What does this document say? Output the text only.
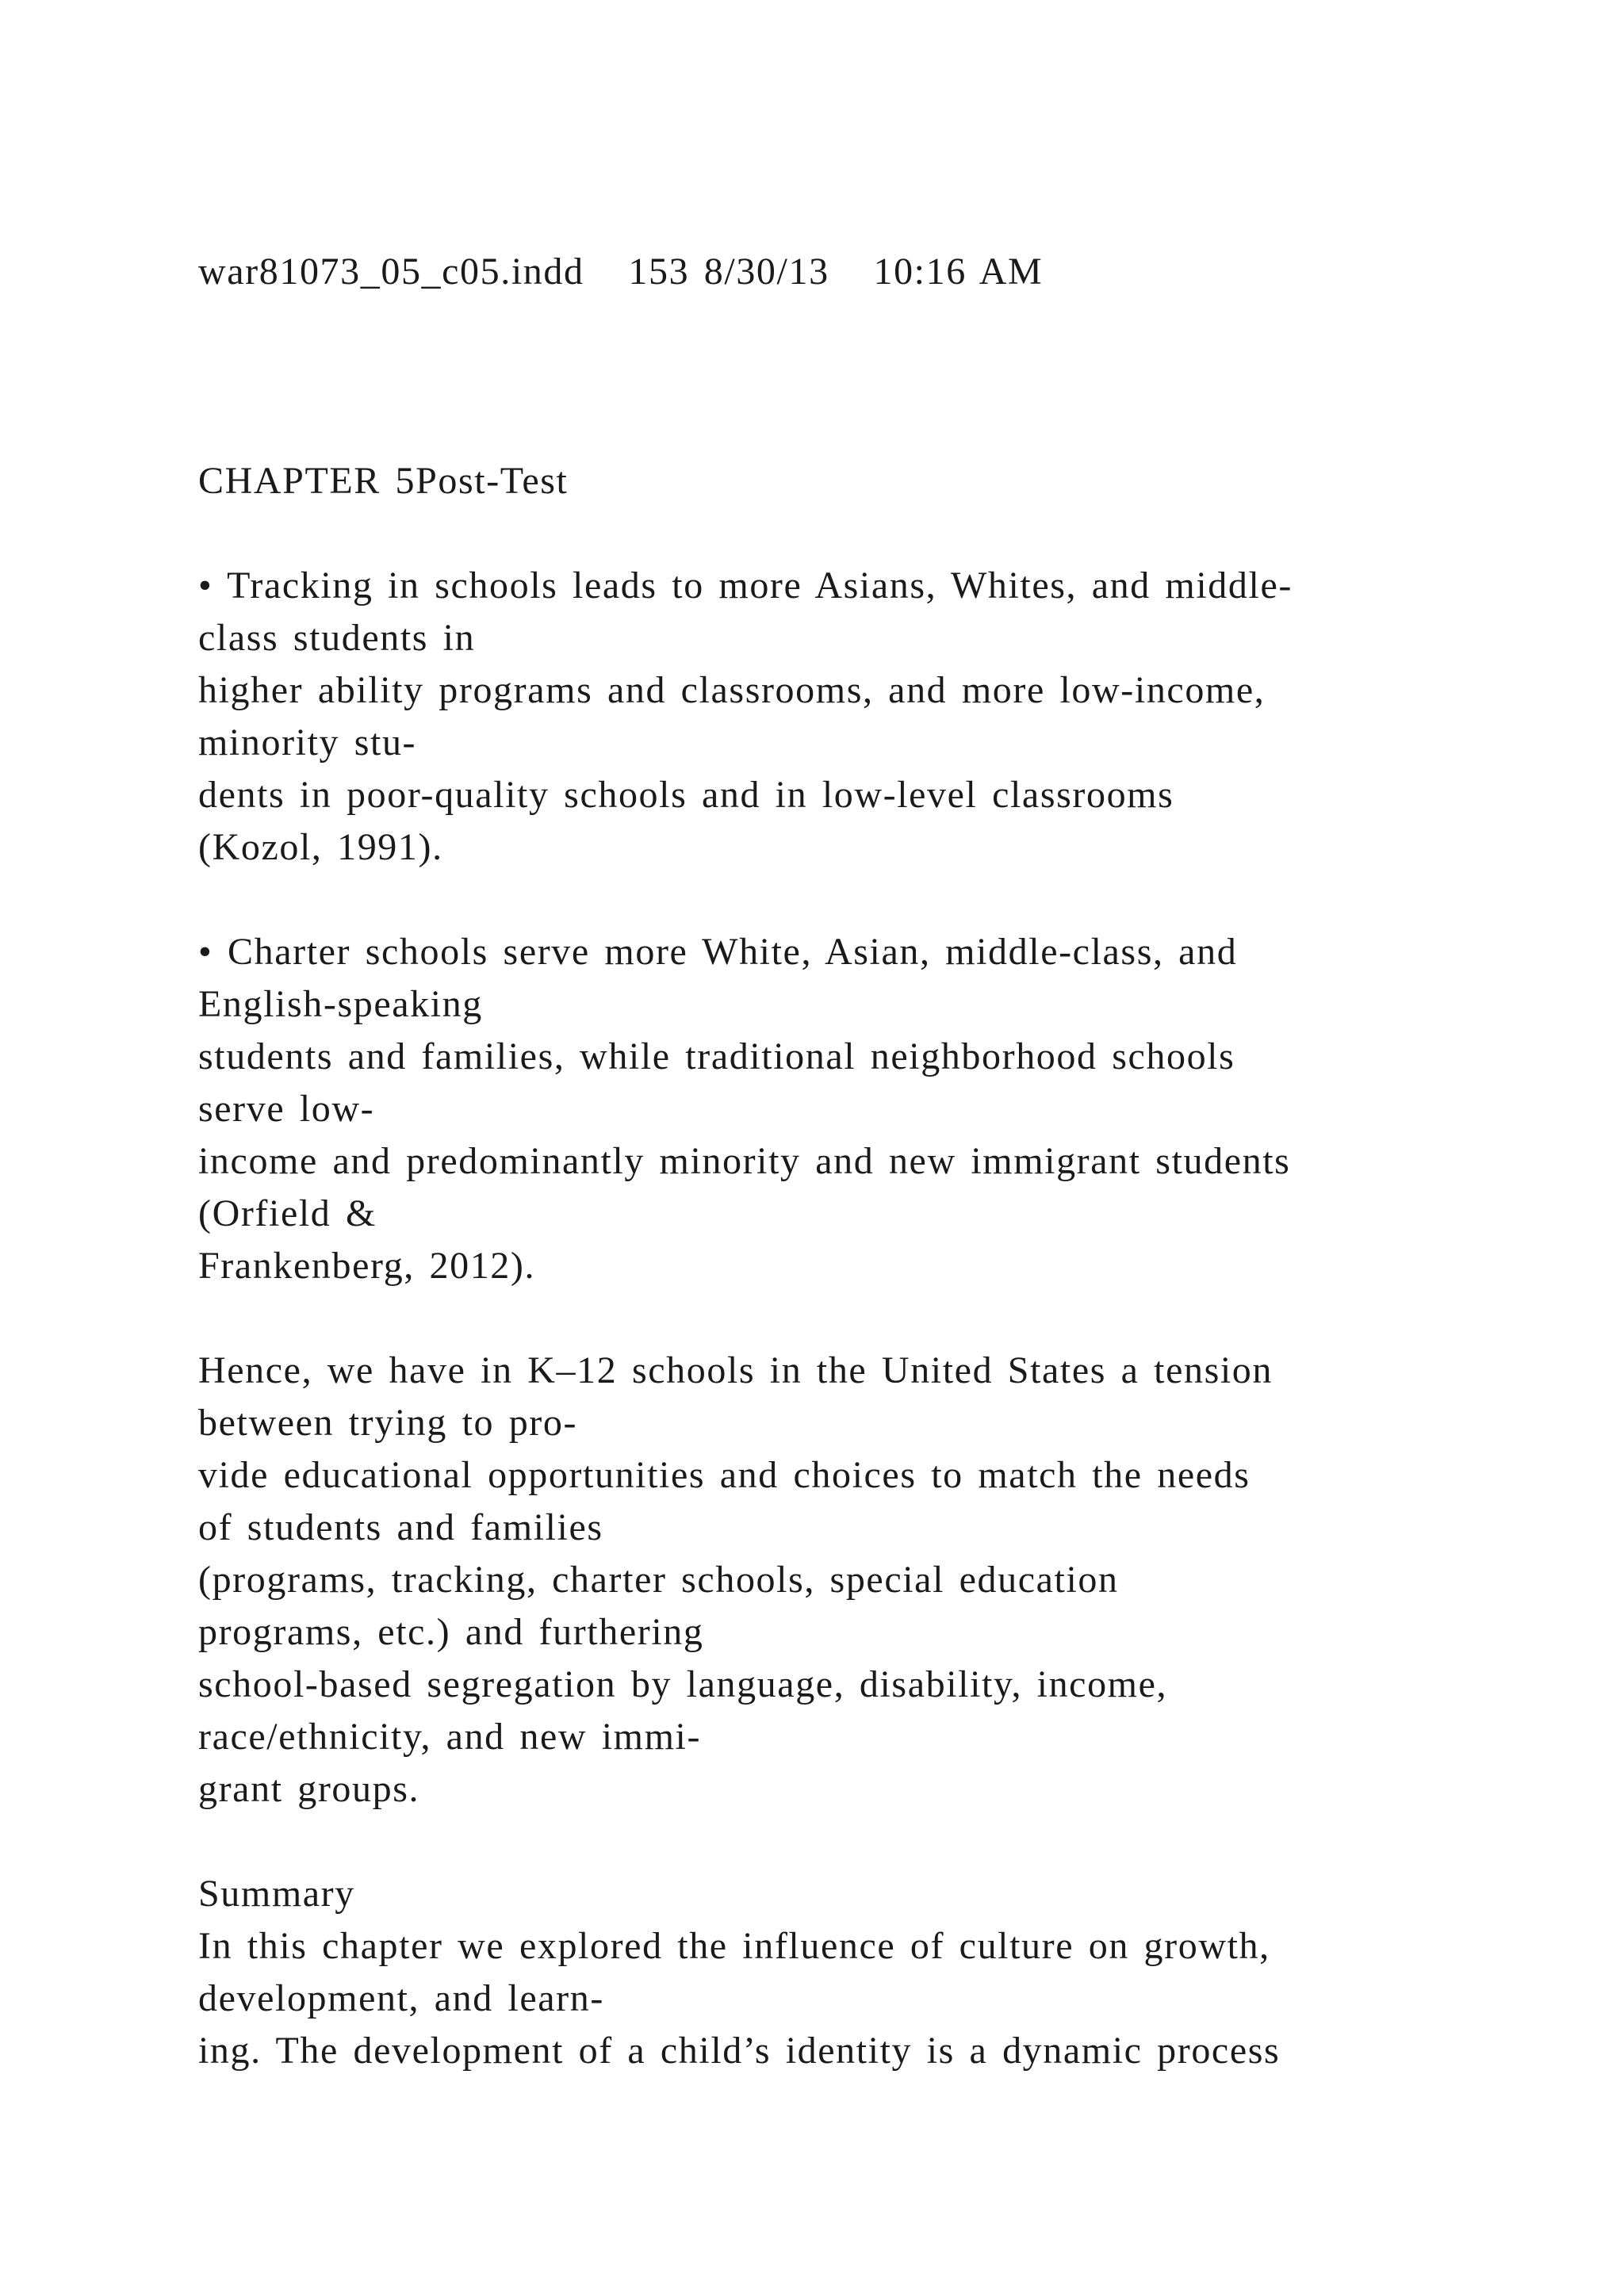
war81073_05_c05.indd   153 8/30/13   10:16 AM
CHAPTER 5Post-Test
• Tracking in schools leads to more Asians, Whites, and middle-
class students in
higher ability programs and classrooms, and more low-income,
minority stu-
dents in poor-quality schools and in low-level classrooms
(Kozol, 1991).
• Charter schools serve more White, Asian, middle-class, and
English-speaking
students and families, while traditional neighborhood schools
serve low-
income and predominantly minority and new immigrant students
(Orfield &
Frankenberg, 2012).
Hence, we have in K–12 schools in the United States a tension
between trying to pro-
vide educational opportunities and choices to match the needs
of students and families
(programs, tracking, charter schools, special education
programs, etc.) and furthering
school-based segregation by language, disability, income,
race/ethnicity, and new immi-
grant groups.
Summary
In this chapter we explored the influence of culture on growth,
development, and learn-
ing. The development of a child’s identity is a dynamic process
